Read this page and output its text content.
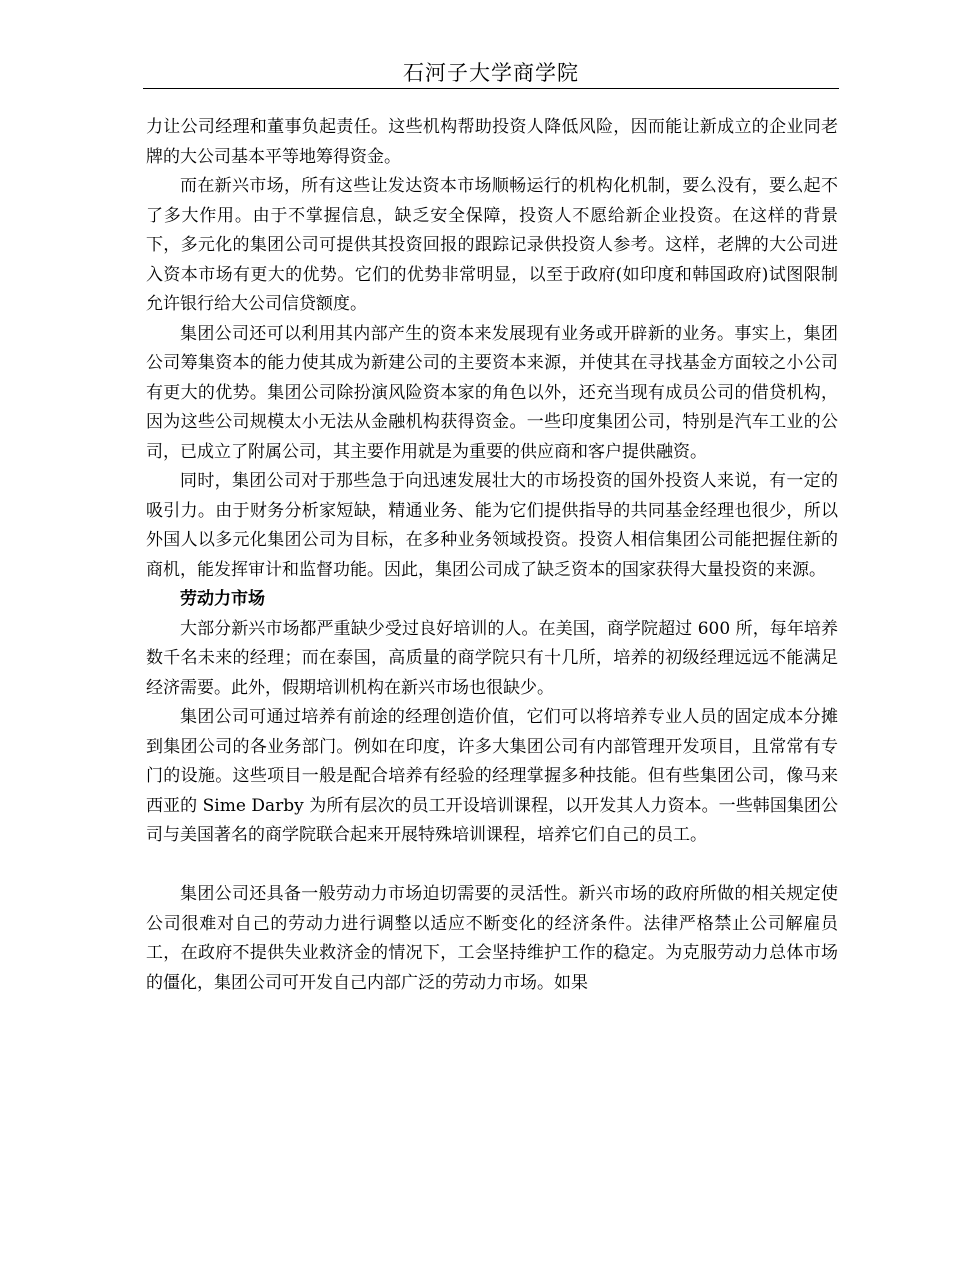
石河子大学商学院

力让公司经理和董事负起责任。这些机构帮助投资人降低风险，因而能让新成立的企业同老牌的大公司基本平等地筹得资金。

而在新兴市场，所有这些让发达资本市场顺畅运行的机构化机制，要么没有，要么起不了多大作用。由于不掌握信息，缺乏安全保障，投资人不愿给新企业投资。在这样的背景下，多元化的集团公司可提供其投资回报的跟踪记录供投资人参考。这样，老牌的大公司进入资本市场有更大的优势。它们的优势非常明显，以至于政府(如印度和韩国政府)试图限制允许银行给大公司信贷额度。

集团公司还可以利用其内部产生的资本来发展现有业务或开辟新的业务。事实上，集团公司筹集资本的能力使其成为新建公司的主要资本来源，并使其在寻找基金方面较之小公司有更大的优势。集团公司除扮演风险资本家的角色以外，还充当现有成员公司的借贷机构，因为这些公司规模太小无法从金融机构获得资金。一些印度集团公司，特别是汽车工业的公司，已成立了附属公司，其主要作用就是为重要的供应商和客户提供融资。

同时，集团公司对于那些急于向迅速发展壮大的市场投资的国外投资人来说，有一定的吸引力。由于财务分析家短缺，精通业务、能为它们提供指导的共同基金经理也很少，所以外国人以多元化集团公司为目标，在多种业务领域投资。投资人相信集团公司能把握住新的商机，能发挥审计和监督功能。因此，集团公司成了缺乏资本的国家获得大量投资的来源。

劳动力市场

大部分新兴市场都严重缺少受过良好培训的人。在美国，商学院超过 600 所，每年培养数千名未来的经理；而在泰国，高质量的商学院只有十几所，培养的初级经理远远不能满足经济需要。此外，假期培训机构在新兴市场也很缺少。

集团公司可通过培养有前途的经理创造价值，它们可以将培养专业人员的固定成本分摊到集团公司的各业务部门。例如在印度，许多大集团公司有内部管理开发项目，且常常有专门的设施。这些项目一般是配合培养有经验的经理掌握多种技能。但有些集团公司，像马来西亚的 Sime Darby 为所有层次的员工开设培训课程，以开发其人力资本。一些韩国集团公司与美国著名的商学院联合起来开展特殊培训课程，培养它们自己的员工。

集团公司还具备一般劳动力市场迫切需要的灵活性。新兴市场的政府所做的相关规定使公司很难对自己的劳动力进行调整以适应不断变化的经济条件。法律严格禁止公司解雇员工，在政府不提供失业救济金的情况下，工会坚持维护工作的稳定。为克服劳动力总体市场的僵化，集团公司可开发自己内部广泛的劳动力市场。如果
